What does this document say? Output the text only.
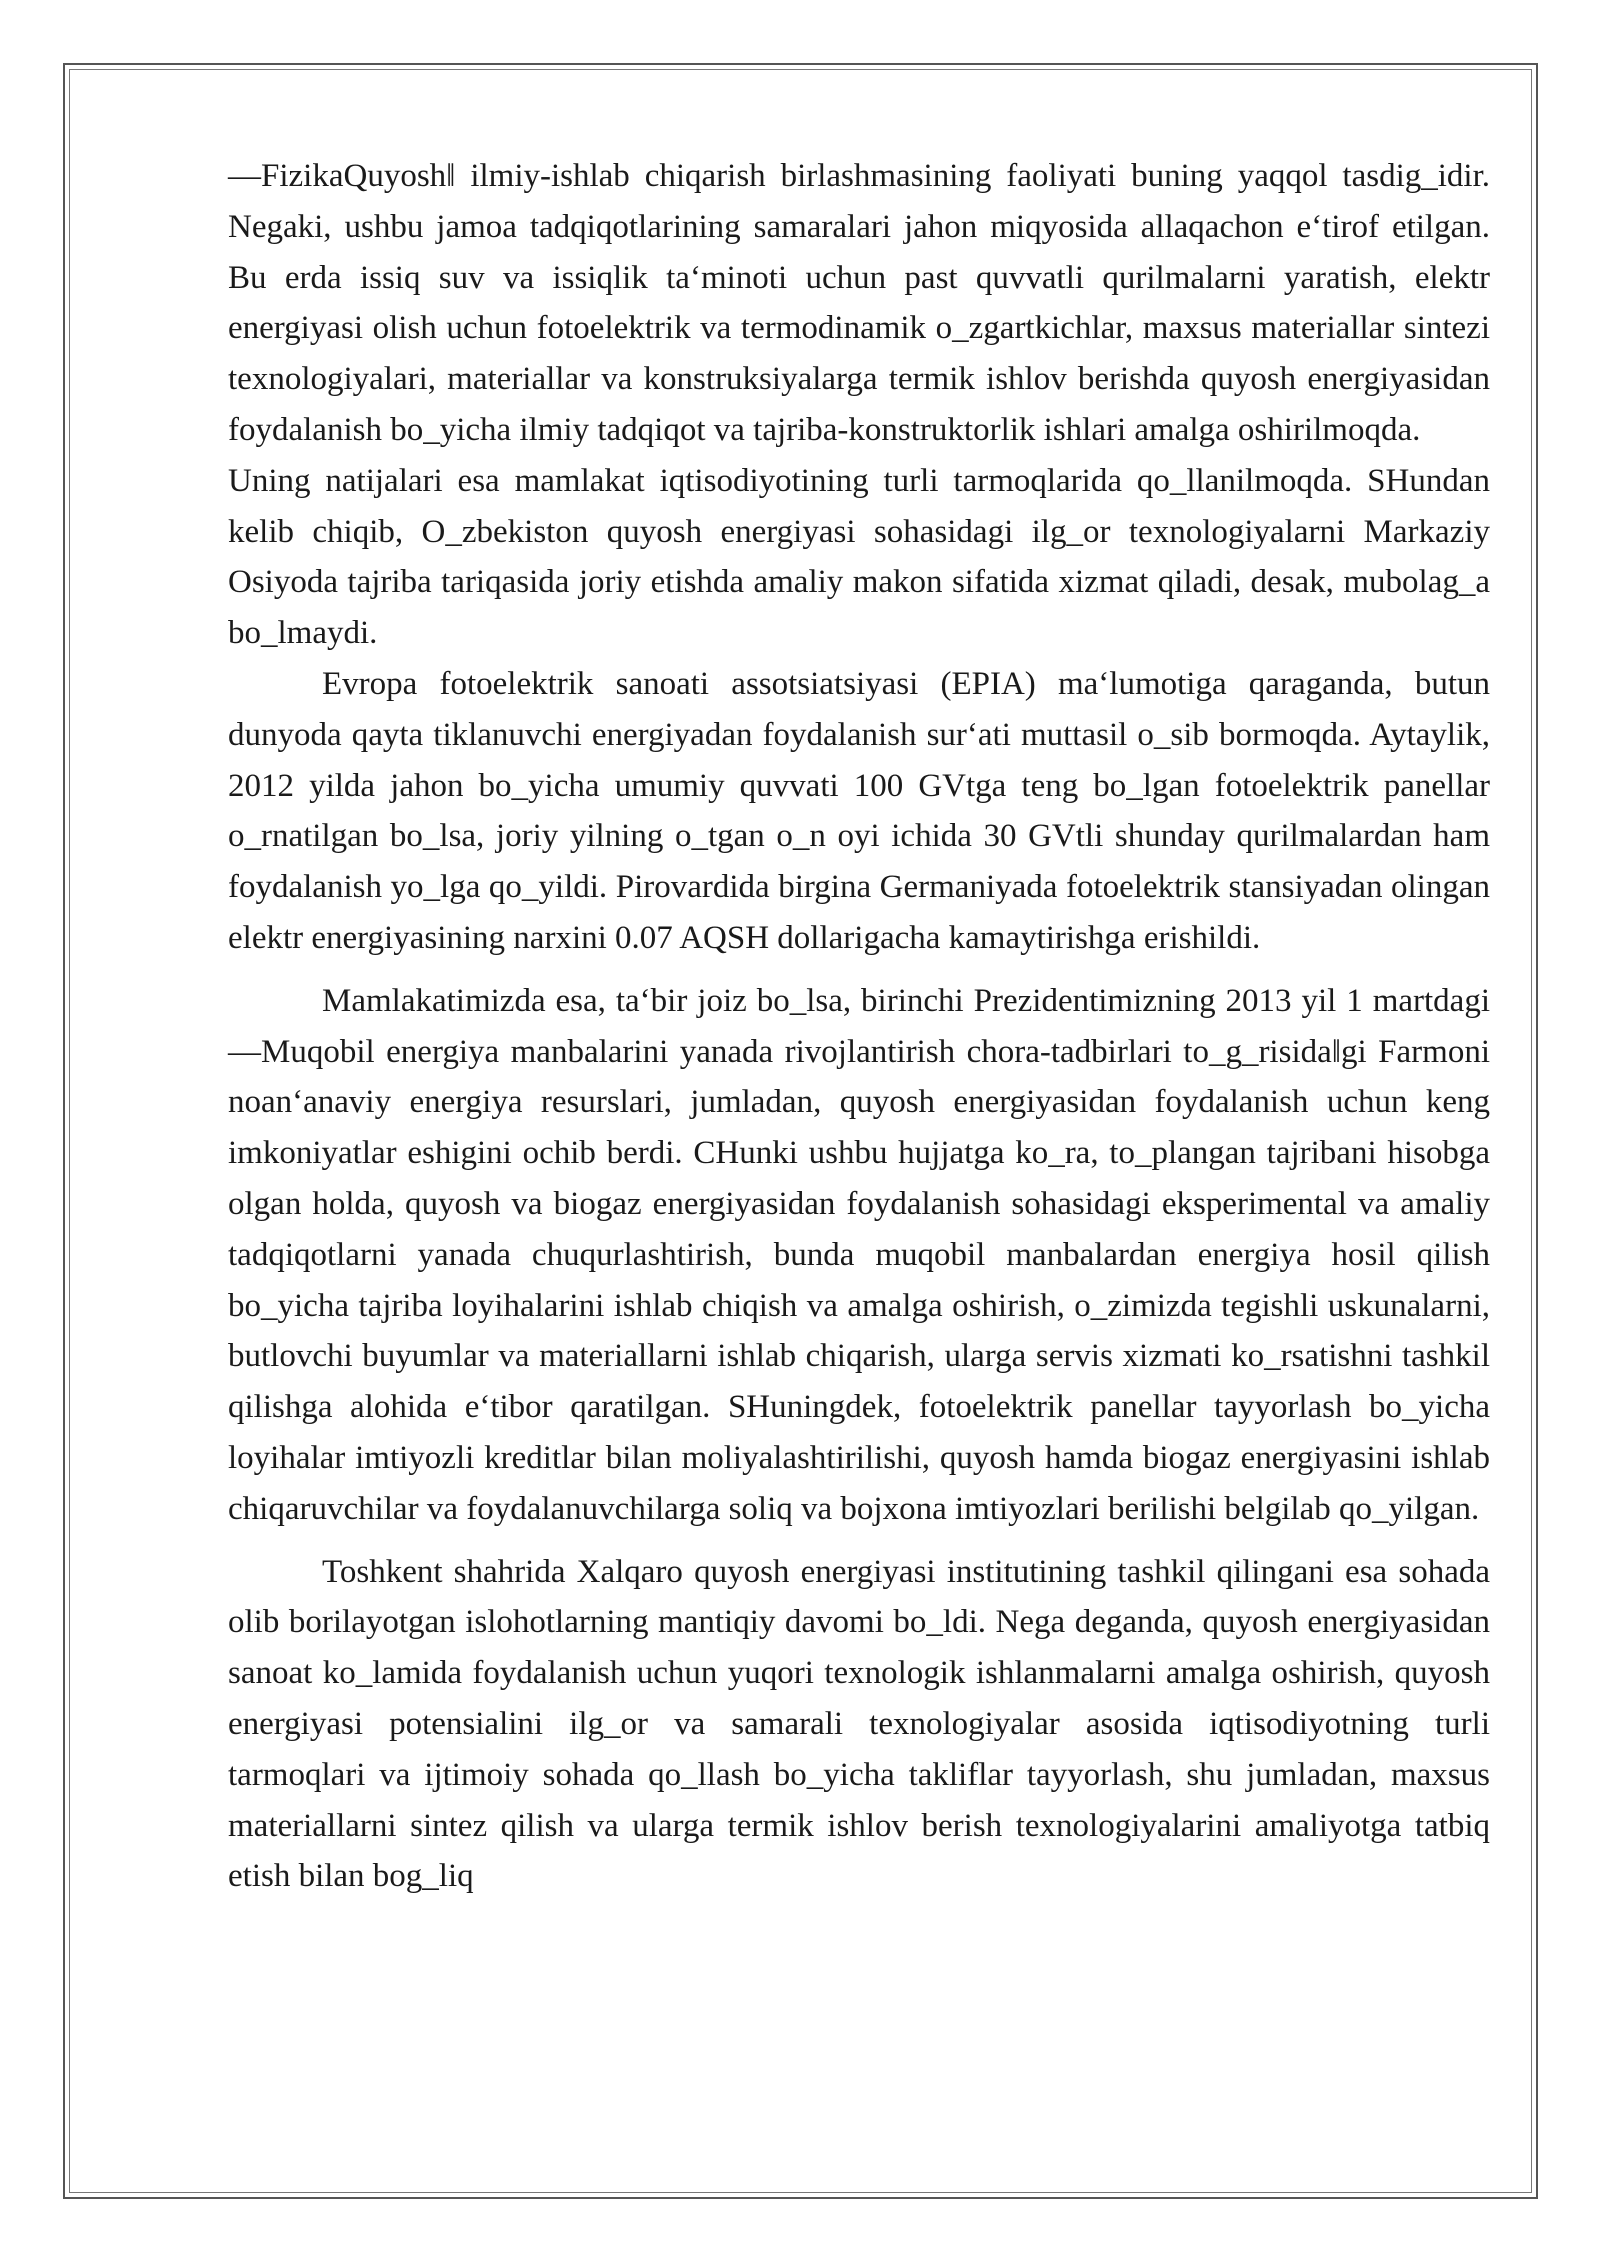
—FizikaQuyosh‖ ilmiy-ishlab chiqarish birlashmasining faoliyati buning yaqqol tasdig_idir. Negaki, ushbu jamoa tadqiqotlarining samaralari jahon miqyosida allaqachon e‘tirof etilgan. Bu erda issiq suv va issiqlik ta‘minoti uchun past quvvatli qurilmalarni yaratish, elektr energiyasi olish uchun fotoelektrik va termodinamik o_zgartkichlar, maxsus materiallar sintezi texnologiyalari, materiallar va konstruksiyalarga termik ishlov berishda quyosh energiyasidan foydalanish bo_yicha ilmiy tadqiqot va tajriba-konstruktorlik ishlari amalga oshirilmoqda.

Uning natijalari esa mamlakat iqtisodiyotining turli tarmoqlarida qo_llanilmoqda. SHundan kelib chiqib, O_zbekiston quyosh energiyasi sohasidagi ilg_or texnologiyalarni Markaziy Osiyoda tajriba tariqasida joriy etishda amaliy makon sifatida xizmat qiladi, desak, mubolag_a bo_lmaydi.

Evropa fotoelektrik sanoati assotsiatsiyasi (EPIA) ma‘lumotiga qaraganda, butun dunyoda qayta tiklanuvchi energiyadan foydalanish sur‘ati muttasil o_sib bormoqda. Aytaylik, 2012 yilda jahon bo_yicha umumiy quvvati 100 GVtga teng bo_lgan fotoelektrik panellar o_rnatilgan bo_lsa, joriy yilning o_tgan o_n oyi ichida 30 GVtli shunday qurilmalardan ham foydalanish yo_lga qo_yildi. Pirovardida birgina Germaniyada fotoelektrik stansiyadan olingan elektr energiyasining narxini 0.07 AQSH dollarigacha kamaytirishga erishildi.

Mamlakatimizda esa, ta‘bir joiz bo_lsa, birinchi Prezidentimizning 2013 yil 1 martdagi —Muqobil energiya manbalarini yanada rivojlantirish chora-tadbirlari to_g_risida‖gi Farmoni noan‘anaviy energiya resurslari, jumladan, quyosh energiyasidan foydalanish uchun keng imkoniyatlar eshigini ochib berdi. CHunki ushbu hujjatga ko_ra, to_plangan tajribani hisobga olgan holda, quyosh va biogaz energiyasidan foydalanish sohasidagi eksperimental va amaliy tadqiqotlarni yanada chuqurlashtirish, bunda muqobil manbalardan energiya hosil qilish bo_yicha tajriba loyihalarini ishlab chiqish va amalga oshirish, o_zimizda tegishli uskunalarni, butlovchi buyumlar va materiallarni ishlab chiqarish, ularga servis xizmati ko_rsatishni tashkil qilishga alohida e‘tibor qaratilgan. SHuningdek, fotoelektrik panellar tayyorlash bo_yicha loyihalar imtiyozli kreditlar bilan moliyalashtirilishi, quyosh hamda biogaz energiyasini ishlab chiqaruvchilar va foydalanuvchilarga soliq va bojxona imtiyozlari berilishi belgilab qo_yilgan.

Toshkent shahrida Xalqaro quyosh energiyasi institutining tashkil qilingani esa sohada olib borilayotgan islohotlarning mantiqiy davomi bo_ldi. Nega deganda, quyosh energiyasidan sanoat ko_lamida foydalanish uchun yuqori texnologik ishlanmalarni amalga oshirish, quyosh energiyasi potensialini ilg_or va samarali texnologiyalar asosida iqtisodiyotning turli tarmoqlari va ijtimoiy sohada qo_llash bo_yicha takliflar tayyorlash, shu jumladan, maxsus materiallarni sintez qilish va ularga termik ishlov berish texnologiyalarini amaliyotga tatbiq etish bilan bog_liq
